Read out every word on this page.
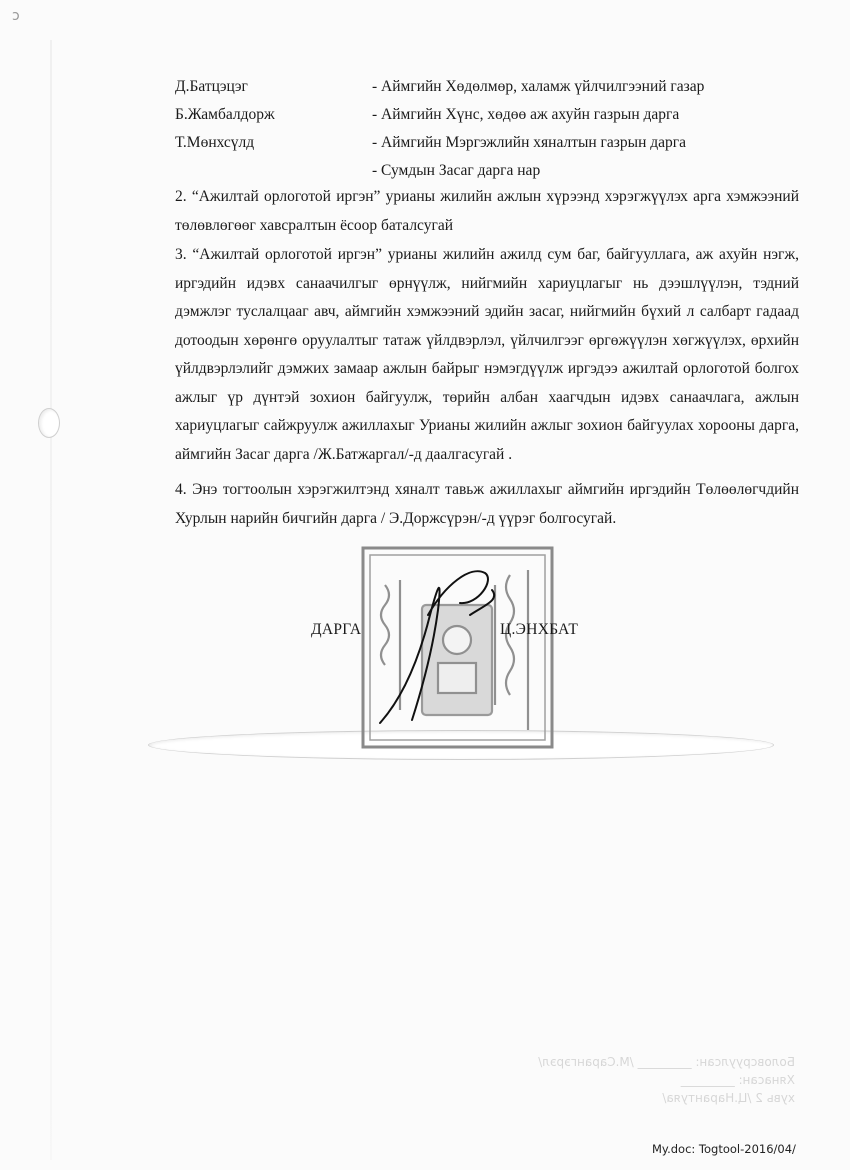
ͻ
Д.Батцэцэг	- Аймгийн Хөдөлмөр, халамж үйлчилгээний газар
Б.Жамбалдорж	- Аймгийн Хүнс, хөдөө аж ахуйн газрын дарга
Т.Мөнхсүлд	- Аймгийн Мэргэжлийн хяналтын газрын дарга
- Сумдын Засаг дарга нар
2. “Ажилтай орлоготой иргэн” урианы жилийн ажлын хүрээнд хэрэгжүүлэх арга хэмжээний төлөвлөгөөг хавсралтын ёсоор баталсугай
3. “Ажилтай орлоготой иргэн” урианы жилийн ажилд сум баг, байгууллага, аж ахуйн нэгж, иргэдийн идэвх санаачилгыг өрнүүлж, нийгмийн хариуцлагыг нь дээшлүүлэн, тэдний дэмжлэг туслалцааг авч, аймгийн хэмжээний эдийн засаг, нийгмийн бүхий л салбарт гадаад дотоодын хөрөнгө оруулалтыг татаж үйлдвэрлэл, үйлчилгээг өргөжүүлэн хөгжүүлэх, өрхийн үйлдвэрлэлийг дэмжих замаар ажлын байрыг нэмэгдүүлж иргэдээ ажилтай орлоготой болгох ажлыг үр дүнтэй зохион байгуулж, төрийн албан хаагчдын идэвх санаачлага, ажлын хариуцлагыг сайжруулж ажиллахыг Урианы жилийн ажлыг зохион байгуулах хорооны дарга, аймгийн Засаг дарга /Ж.Батжаргал/-д даалгасугай .
4. Энэ тогтоолын хэрэгжилтэнд хяналт тавьж ажиллахыг аймгийн иргэдийн Төлөөлөгчдийн Хурлын нарийн бичгийн дарга / Э.Доржсүрэн/-д үүрэг болгосугай.
ДАРГА	Ц.ЭНХБАТ
Боловсруулсан: _________ /М.Сарангэрэл/
Хянасан: _________
хувь 2 /Ц.Наранту​яа/
My.doc: Togtool-2016/04/
